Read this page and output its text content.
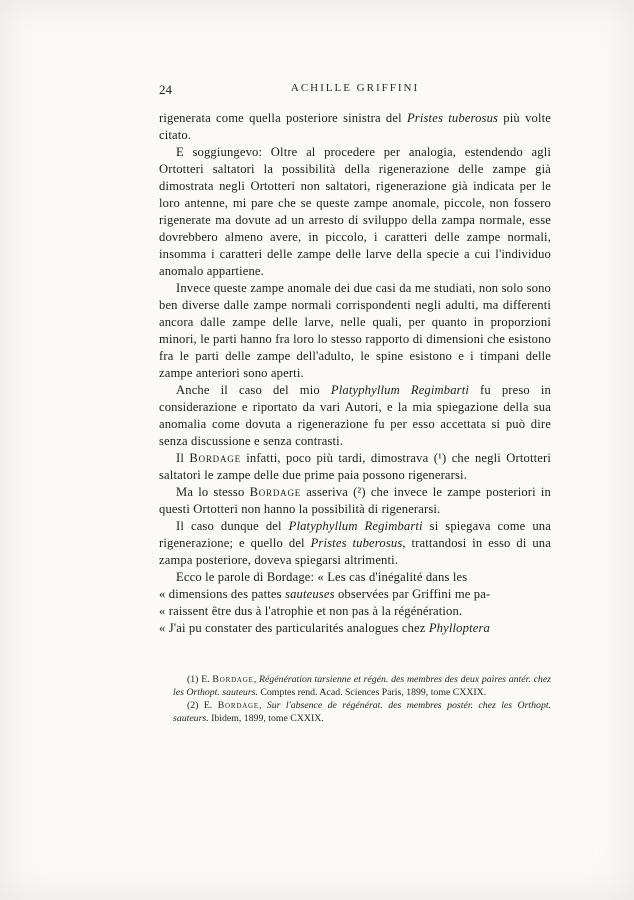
24	ACHILLE GRIFFINI

rigenerata come quella posteriore sinistra del Pristes tuberosus più volte citato.

E soggiungevo: Oltre al procedere per analogia, estendendo agli Ortotteri saltatori la possibilità della rigenerazione delle zampe già dimostrata negli Ortotteri non saltatori, rigenerazione già indicata per le loro antenne, mi pare che se queste zampe anomale, piccole, non fossero rigenerate ma dovute ad un arresto di sviluppo della zampa normale, esse dovrebbero almeno avere, in piccolo, i caratteri delle zampe normali, insomma i caratteri delle zampe delle larve della specie a cui l'individuo anomalo appartiene.

Invece queste zampe anomale dei due casi da me studiati, non solo sono ben diverse dalle zampe normali corrispondenti negli adulti, ma differenti ancora dalle zampe delle larve, nelle quali, per quanto in proporzioni minori, le parti hanno fra loro lo stesso rapporto di dimensioni che esistono fra le parti delle zampe dell'adulto, le spine esistono e i timpani delle zampe anteriori sono aperti.

Anche il caso del mio Platyphyllum Regimbarti fu preso in considerazione e riportato da vari Autori, e la mia spiegazione della sua anomalia come dovuta a rigenerazione fu per esso accettata si può dire senza discussione e senza contrasti.

Il Bordage infatti, poco più tardi, dimostrava (¹) che negli Ortotteri saltatori le zampe delle due prime paia possono rigenerarsi.

Ma lo stesso Bordage asseriva (²) che invece le zampe posteriori in questi Ortotteri non hanno la possibilità di rigenerarsi.

Il caso dunque del Platyphyllum Regimbarti si spiegava come una rigenerazione; e quello del Pristes tuberosus, trattandosi in esso di una zampa posteriore, doveva spiegarsi altrimenti.

Ecco le parole di Bordage: « Les cas d'inégalité dans les
« dimensions des pattes sauteuses observées par Griffini me pa-
« raissent être dus à l'atrophie et non pas à la régénération.
« J'ai pu constater des particularités analogues chez Phylloptera

(1) E. Bordage, Régénération tarsienne et régén. des membres des deux paires antér. chez les Orthopt. sauteurs. Comptes rend. Acad. Sciences Paris, 1899, tome CXXIX.

(2) E. Bordage, Sur l'absence de régénérat. des membres postér. chez les Orthopt. sauteurs. Ibidem, 1899, tome CXXIX.
